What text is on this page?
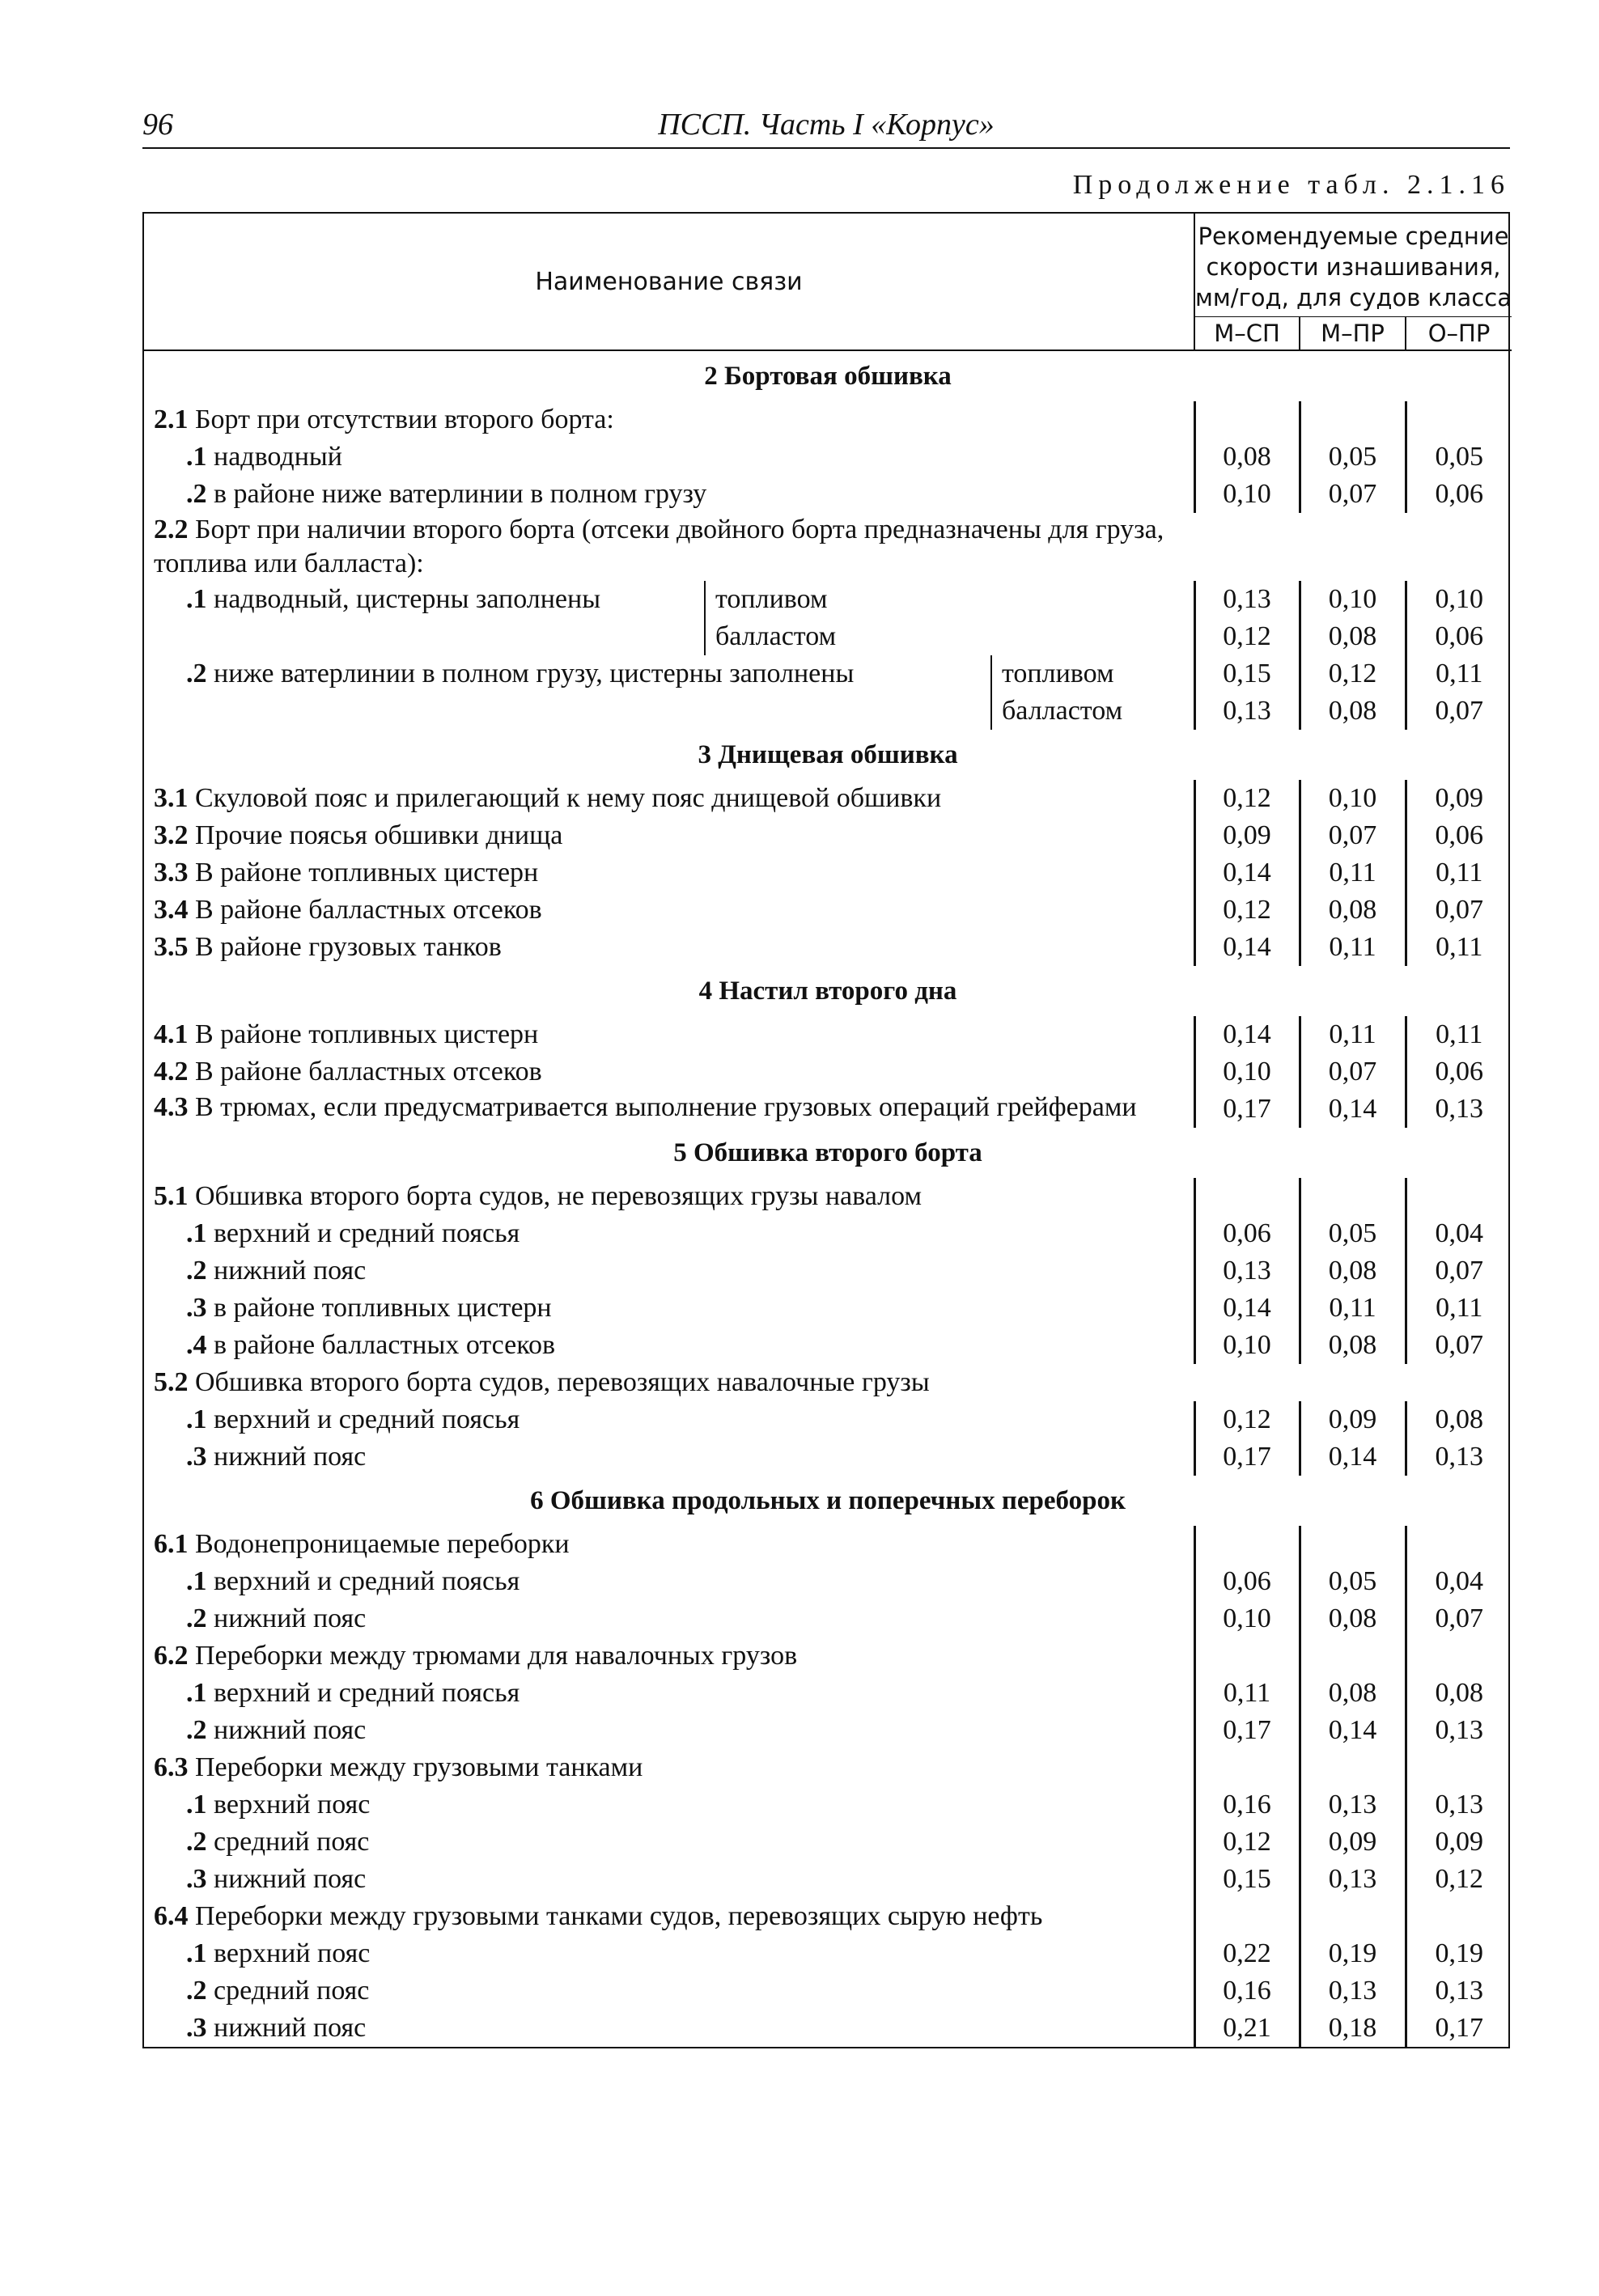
96	ПССП. Часть I «Корпус»
Продолжение табл. 2.1.16
Наименование связи	Рекомендуемые средние скорости изнашивания, мм/год, для судов класса		
	М–СП	М–ПР	О–ПР
2 Бортовая обшивка			
2.1 Борт при отсутствии второго борта:			
.1 надводный	0,08	0,05	0,05
.2 в районе ниже ватерлинии в полном грузу	0,10	0,07	0,06
2.2 Борт при наличии второго борта (отсеки двойного борта предназначены для груза, топлива или балласта):			
.1 надводный, цистерны заполнены топливом	0,13	0,10	0,10
балластом	0,12	0,08	0,06
.2 ниже ватерлинии в полном грузу, цистерны заполнены топливом	0,15	0,12	0,11
балластом	0,13	0,08	0,07
3 Днищевая обшивка			
3.1 Скуловой пояс и прилегающий к нему пояс днищевой обшивки	0,12	0,10	0,09
3.2 Прочие поясья обшивки днища	0,09	0,07	0,06
3.3 В районе топливных цистерн	0,14	0,11	0,11
3.4 В районе балластных отсеков	0,12	0,08	0,07
3.5 В районе грузовых танков	0,14	0,11	0,11
4 Настил второго дна			
4.1 В районе топливных цистерн	0,14	0,11	0,11
4.2 В районе балластных отсеков	0,10	0,07	0,06
4.3 В трюмах, если предусматривается выполнение грузовых операций грейферами	0,17	0,14	0,13
5 Обшивка второго борта			
5.1 Обшивка второго борта судов, не перевозящих грузы навалом			
.1 верхний и средний поясья	0,06	0,05	0,04
.2 нижний пояс	0,13	0,08	0,07
.3 в районе топливных цистерн	0,14	0,11	0,11
.4 в районе балластных отсеков	0,10	0,08	0,07
5.2 Обшивка второго борта судов, перевозящих навалочные грузы			
.1 верхний и средний поясья	0,12	0,09	0,08
.3 нижний пояс	0,17	0,14	0,13
6 Обшивка продольных и поперечных переборок			
6.1 Водонепроницаемые переборки			
.1 верхний и средний поясья	0,06	0,05	0,04
.2 нижний пояс	0,10	0,08	0,07
6.2 Переборки между трюмами для навалочных грузов			
.1 верхний и средний поясья	0,11	0,08	0,08
.2 нижний пояс	0,17	0,14	0,13
6.3 Переборки между грузовыми танками			
.1 верхний пояс	0,16	0,13	0,13
.2 средний пояс	0,12	0,09	0,09
.3 нижний пояс	0,15	0,13	0,12
6.4 Переборки между грузовыми танками судов, перевозящих сырую нефть			
.1 верхний пояс	0,22	0,19	0,19
.2 средний пояс	0,16	0,13	0,13
.3 нижний пояс	0,21	0,18	0,17
